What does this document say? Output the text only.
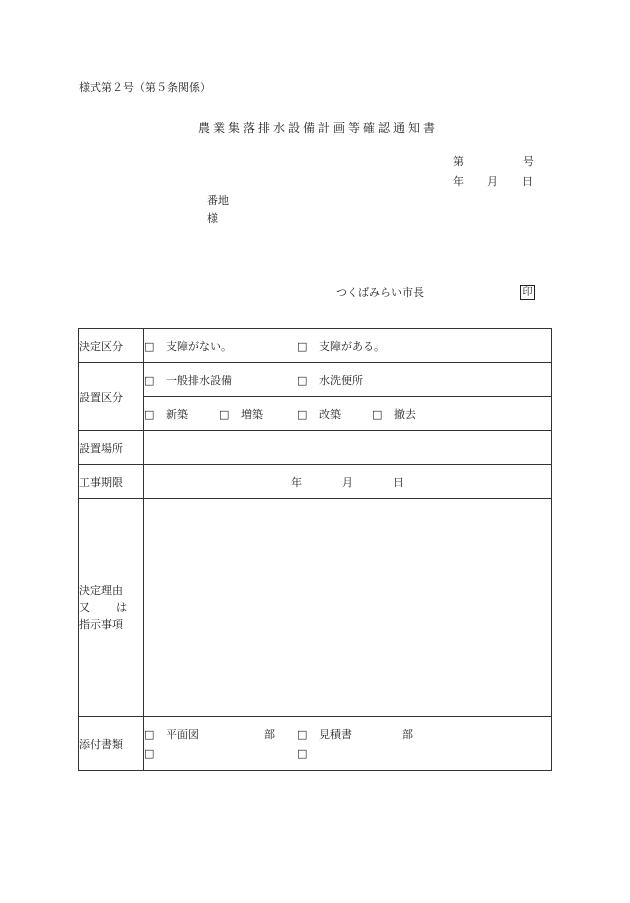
様式第２号（第５条関係）
農業集落排水設備計画等確認通知書
第	号
年 月 日
番地
様
つくばみらい市長	印
決定区分	□ 支障がない。 □ 支障がある。
設置区分	□ 一般排水設備 □ 水洗便所
	□ 新築 □ 増築 □ 改築 □ 撤去
設置場所	
工事期限	年 月 日

決定理由
又 は
指示事項	

添付書類	□ 平面図 部 □ 見積書 部
□ □
